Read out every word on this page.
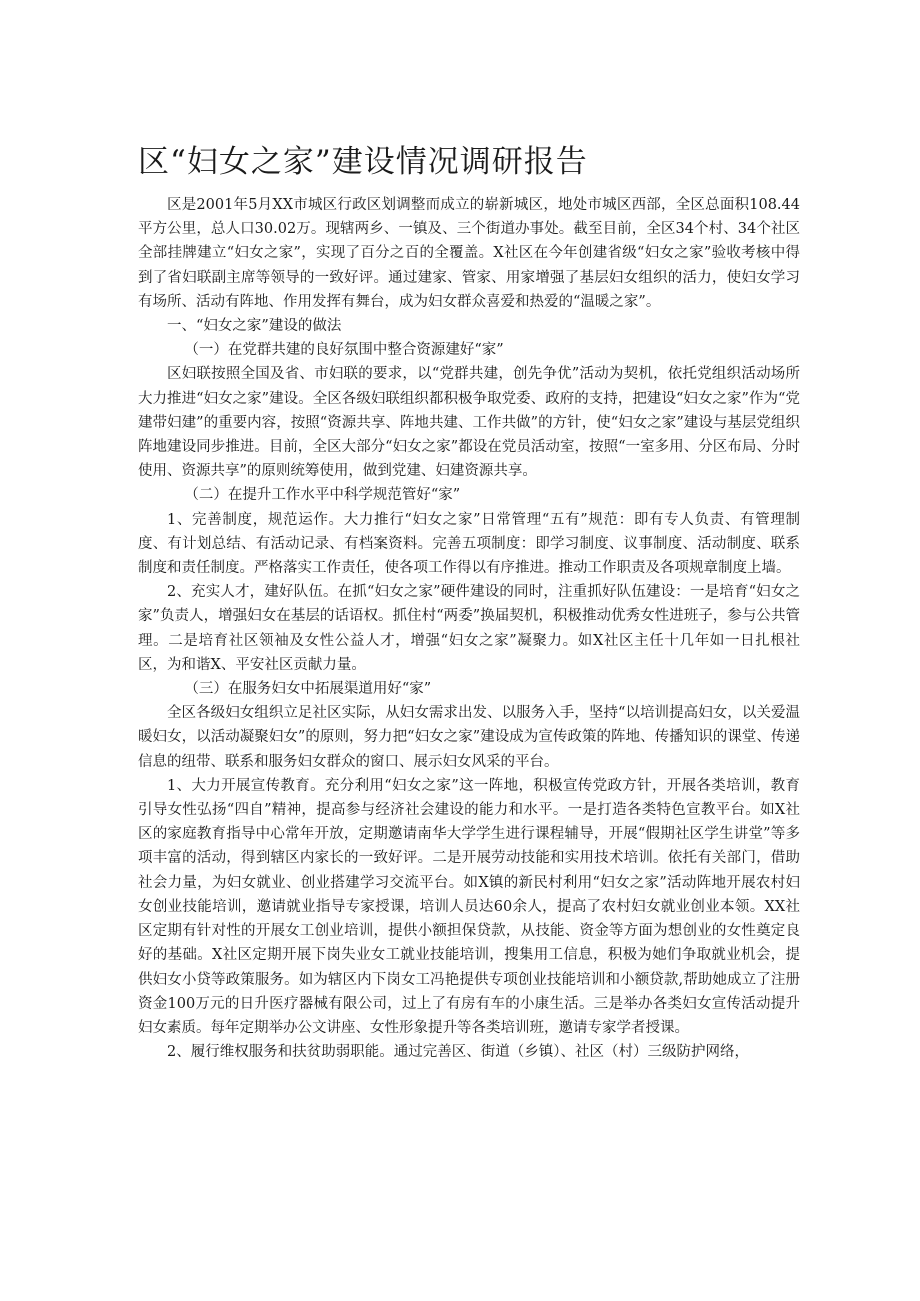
区“妇女之家”建设情况调研报告

区是2001年5月XX市城区行政区划调整而成立的崭新城区，地处市城区西部，全区总面积108.44平方公里，总人口30.02万。现辖两乡、一镇及、三个街道办事处。截至目前，全区34个村、34个社区全部挂牌建立“妇女之家”，实现了百分之百的全覆盖。X社区在今年创建省级“妇女之家”验收考核中得到了省妇联副主席等领导的一致好评。通过建家、管家、用家增强了基层妇女组织的活力，使妇女学习有场所、活动有阵地、作用发挥有舞台，成为妇女群众喜爱和热爱的“温暖之家”。

一、“妇女之家”建设的做法

（一）在党群共建的良好氛围中整合资源建好“家”

区妇联按照全国及省、市妇联的要求，以“党群共建，创先争优”活动为契机，依托党组织活动场所大力推进“妇女之家”建设。全区各级妇联组织都积极争取党委、政府的支持，把建设“妇女之家”作为“党建带妇建”的重要内容，按照“资源共享、阵地共建、工作共做”的方针，使“妇女之家”建设与基层党组织阵地建设同步推进。目前，全区大部分“妇女之家”都设在党员活动室，按照“一室多用、分区布局、分时使用、资源共享”的原则统筹使用，做到党建、妇建资源共享。

（二）在提升工作水平中科学规范管好“家”

1、完善制度，规范运作。大力推行“妇女之家”日常管理“五有”规范：即有专人负责、有管理制度、有计划总结、有活动记录、有档案资料。完善五项制度：即学习制度、议事制度、活动制度、联系制度和责任制度。严格落实工作责任，使各项工作得以有序推进。推动工作职责及各项规章制度上墙。

2、充实人才，建好队伍。在抓“妇女之家”硬件建设的同时，注重抓好队伍建设：一是培育“妇女之家”负责人，增强妇女在基层的话语权。抓住村“两委”换届契机，积极推动优秀女性进班子，参与公共管理。二是培育社区领袖及女性公益人才，增强“妇女之家”凝聚力。如X社区主任十几年如一日扎根社区，为和谐X、平安社区贡献力量。

（三）在服务妇女中拓展渠道用好“家”

全区各级妇女组织立足社区实际，从妇女需求出发、以服务入手，坚持“以培训提高妇女，以关爱温暖妇女，以活动凝聚妇女”的原则，努力把“妇女之家”建设成为宣传政策的阵地、传播知识的课堂、传递信息的纽带、联系和服务妇女群众的窗口、展示妇女风采的平台。

1、大力开展宣传教育。充分利用“妇女之家”这一阵地，积极宣传党政方针，开展各类培训，教育引导女性弘扬“四自”精神，提高参与经济社会建设的能力和水平。一是打造各类特色宣教平台。如X社区的家庭教育指导中心常年开放，定期邀请南华大学学生进行课程辅导，开展“假期社区学生讲堂”等多项丰富的活动，得到辖区内家长的一致好评。二是开展劳动技能和实用技术培训。依托有关部门，借助社会力量，为妇女就业、创业搭建学习交流平台。如X镇的新民村利用“妇女之家”活动阵地开展农村妇女创业技能培训，邀请就业指导专家授课，培训人员达60余人，提高了农村妇女就业创业本领。XX社区定期有针对性的开展女工创业培训，提供小额担保贷款，从技能、资金等方面为想创业的女性奠定良好的基础。X社区定期开展下岗失业女工就业技能培训，搜集用工信息，积极为她们争取就业机会，提供妇女小贷等政策服务。如为辖区内下岗女工冯艳提供专项创业技能培训和小额贷款,帮助她成立了注册资金100万元的日升医疗器械有限公司，过上了有房有车的小康生活。三是举办各类妇女宣传活动提升妇女素质。每年定期举办公文讲座、女性形象提升等各类培训班，邀请专家学者授课。

2、履行维权服务和扶贫助弱职能。通过完善区、街道（乡镇）、社区（村）三级防护网络，
